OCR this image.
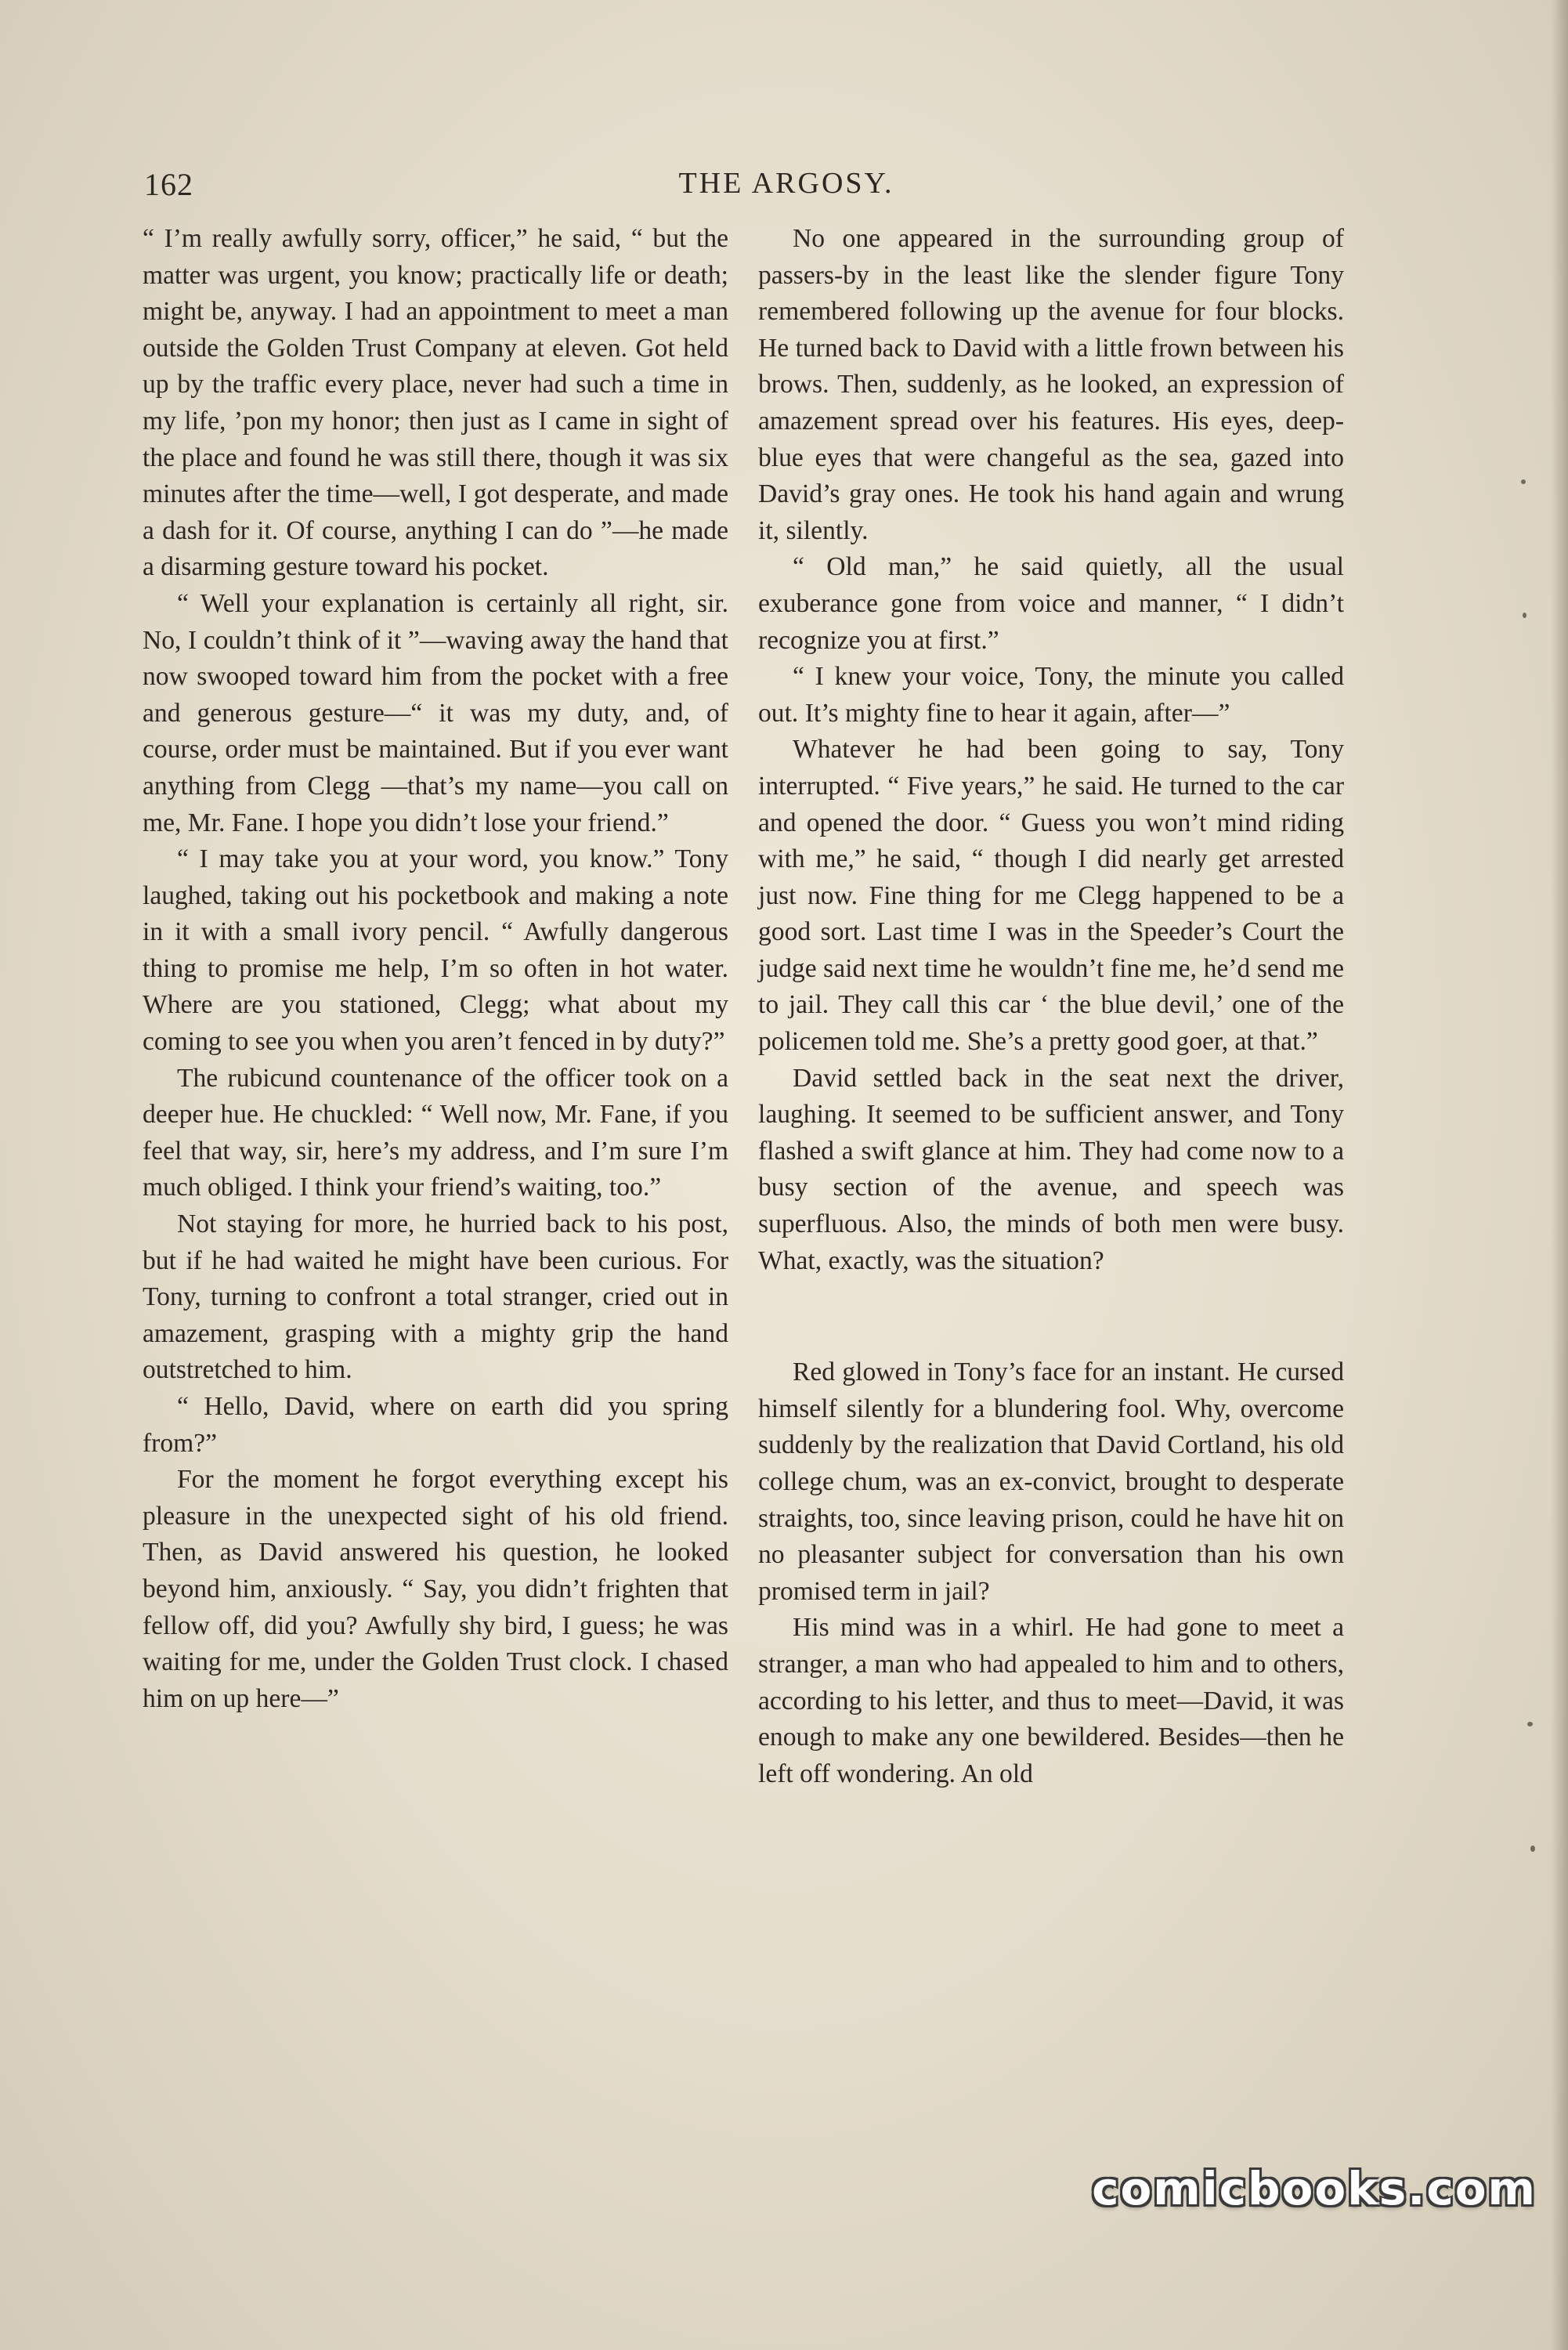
162	THE ARGOSY.

“ I’m really awfully sorry, officer,” he said, “ but the matter was urgent, you know; practically life or death; might be, anyway. I had an appointment to meet a man outside the Golden Trust Company at eleven. Got held up by the traffic every place, never had such a time in my life, ’pon my honor; then just as I came in sight of the place and found he was still there, though it was six minutes after the time—well, I got desperate, and made a dash for it. Of course, anything I can do ”—he made a disarming gesture toward his pocket.

“ Well your explanation is certainly all right, sir. No, I couldn’t think of it ”—waving away the hand that now swooped toward him from the pocket with a free and generous gesture—“ it was my duty, and, of course, order must be maintained. But if you ever want anything from Clegg —that’s my name—you call on me, Mr. Fane. I hope you didn’t lose your friend.”

“ I may take you at your word, you know.” Tony laughed, taking out his pocketbook and making a note in it with a small ivory pencil. “ Awfully dangerous thing to promise me help, I’m so often in hot water. Where are you stationed, Clegg; what about my coming to see you when you aren’t fenced in by duty?”

The rubicund countenance of the officer took on a deeper hue. He chuckled: “ Well now, Mr. Fane, if you feel that way, sir, here’s my address, and I’m sure I’m much obliged. I think your friend’s waiting, too.”

Not staying for more, he hurried back to his post, but if he had waited he might have been curious. For Tony, turning to confront a total stranger, cried out in amazement, grasping with a mighty grip the hand outstretched to him.

“ Hello, David, where on earth did you spring from?”

For the moment he forgot everything except his pleasure in the unexpected sight of his old friend. Then, as David answered his question, he looked beyond him, anxiously. “ Say, you didn’t frighten that fellow off, did you? Awfully shy bird, I guess; he was waiting for me, under the Golden Trust clock. I chased him on up here—”

No one appeared in the surrounding group of passers-by in the least like the slender figure Tony remembered following up the avenue for four blocks. He turned back to David with a little frown between his brows. Then, suddenly, as he looked, an expression of amazement spread over his features. His eyes, deep-blue eyes that were changeful as the sea, gazed into David’s gray ones. He took his hand again and wrung it, silently.

“ Old man,” he said quietly, all the usual exuberance gone from voice and manner, “ I didn’t recognize you at first.”

“ I knew your voice, Tony, the minute you called out. It’s mighty fine to hear it again, after—”

Whatever he had been going to say, Tony interrupted. “ Five years,” he said. He turned to the car and opened the door. “ Guess you won’t mind riding with me,” he said, “ though I did nearly get arrested just now. Fine thing for me Clegg happened to be a good sort. Last time I was in the Speeder’s Court the judge said next time he wouldn’t fine me, he’d send me to jail. They call this car ‘ the blue devil,’ one of the policemen told me. She’s a pretty good goer, at that.”

David settled back in the seat next the driver, laughing. It seemed to be sufficient answer, and Tony flashed a swift glance at him. They had come now to a busy section of the avenue, and speech was superfluous. Also, the minds of both men were busy. What, exactly, was the situation?

Red glowed in Tony’s face for an instant. He cursed himself silently for a blundering fool. Why, overcome suddenly by the realization that David Cortland, his old college chum, was an ex-convict, brought to desperate straights, too, since leaving prison, could he have hit on no pleasanter subject for conversation than his own promised term in jail?

His mind was in a whirl. He had gone to meet a stranger, a man who had appealed to him and to others, according to his letter, and thus to meet—David, it was enough to make any one bewildered. Besides—then he left off wondering. An old

comicbooks.com
